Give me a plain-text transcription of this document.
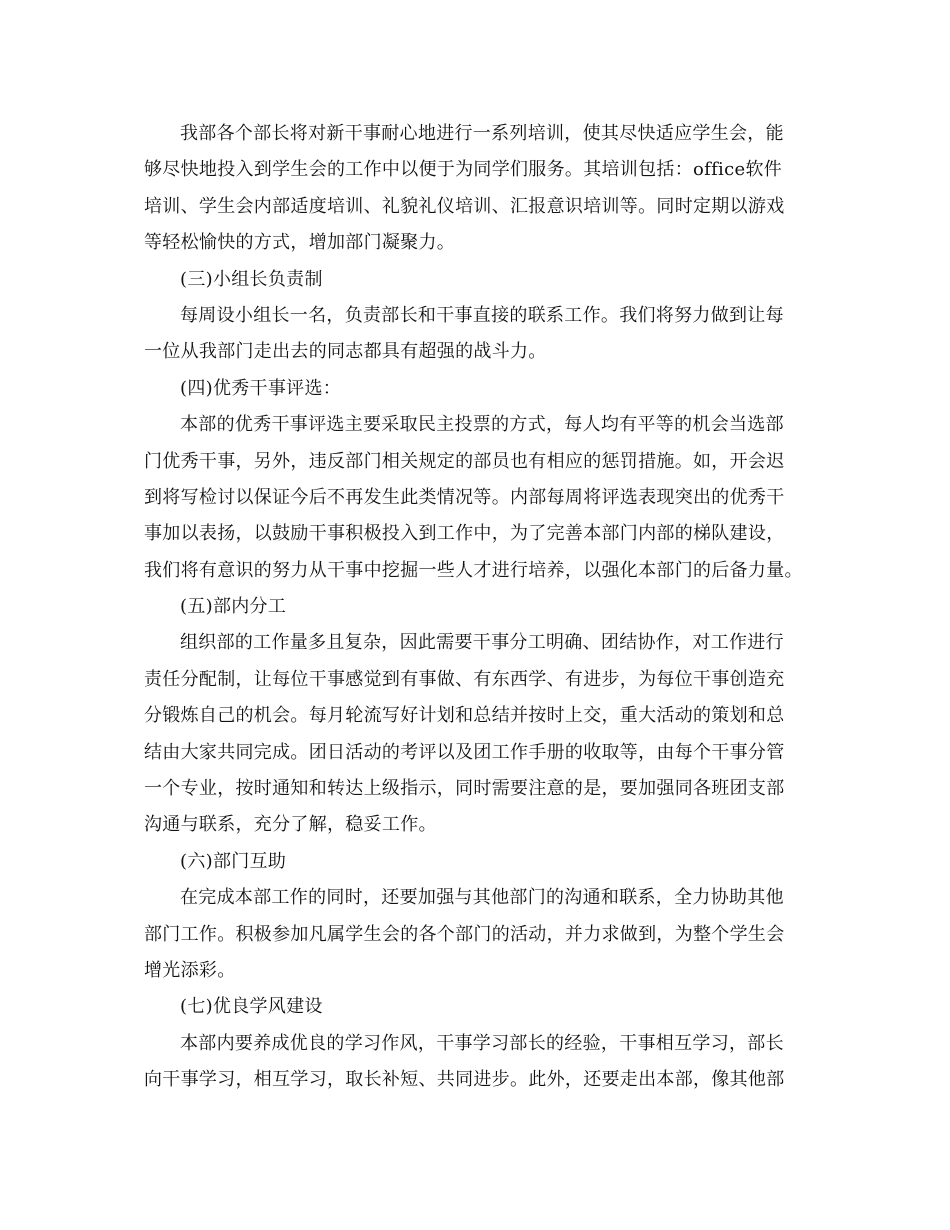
我部各个部长将对新干事耐心地进行一系列培训，使其尽快适应学生会，能
够尽快地投入到学生会的工作中以便于为同学们服务。其培训包括：office软件
培训、学生会内部适度培训、礼貌礼仪培训、汇报意识培训等。同时定期以游戏
等轻松愉快的方式，增加部门凝聚力。
(三)小组长负责制
每周设小组长一名，负责部长和干事直接的联系工作。我们将努力做到让每
一位从我部门走出去的同志都具有超强的战斗力。
(四)优秀干事评选：
本部的优秀干事评选主要采取民主投票的方式，每人均有平等的机会当选部
门优秀干事，另外，违反部门相关规定的部员也有相应的惩罚措施。如，开会迟
到将写检讨以保证今后不再发生此类情况等。内部每周将评选表现突出的优秀干
事加以表扬，以鼓励干事积极投入到工作中，为了完善本部门内部的梯队建设，
我们将有意识的努力从干事中挖掘一些人才进行培养，以强化本部门的后备力量。
(五)部内分工
组织部的工作量多且复杂，因此需要干事分工明确、团结协作，对工作进行
责任分配制，让每位干事感觉到有事做、有东西学、有进步，为每位干事创造充
分锻炼自己的机会。每月轮流写好计划和总结并按时上交，重大活动的策划和总
结由大家共同完成。团日活动的考评以及团工作手册的收取等，由每个干事分管
一个专业，按时通知和转达上级指示，同时需要注意的是，要加强同各班团支部
沟通与联系，充分了解，稳妥工作。
(六)部门互助
在完成本部工作的同时，还要加强与其他部门的沟通和联系，全力协助其他
部门工作。积极参加凡属学生会的各个部门的活动，并力求做到，为整个学生会
增光添彩。
(七)优良学风建设
本部内要养成优良的学习作风，干事学习部长的经验，干事相互学习，部长
向干事学习，相互学习，取长补短、共同进步。此外，还要走出本部，像其他部
